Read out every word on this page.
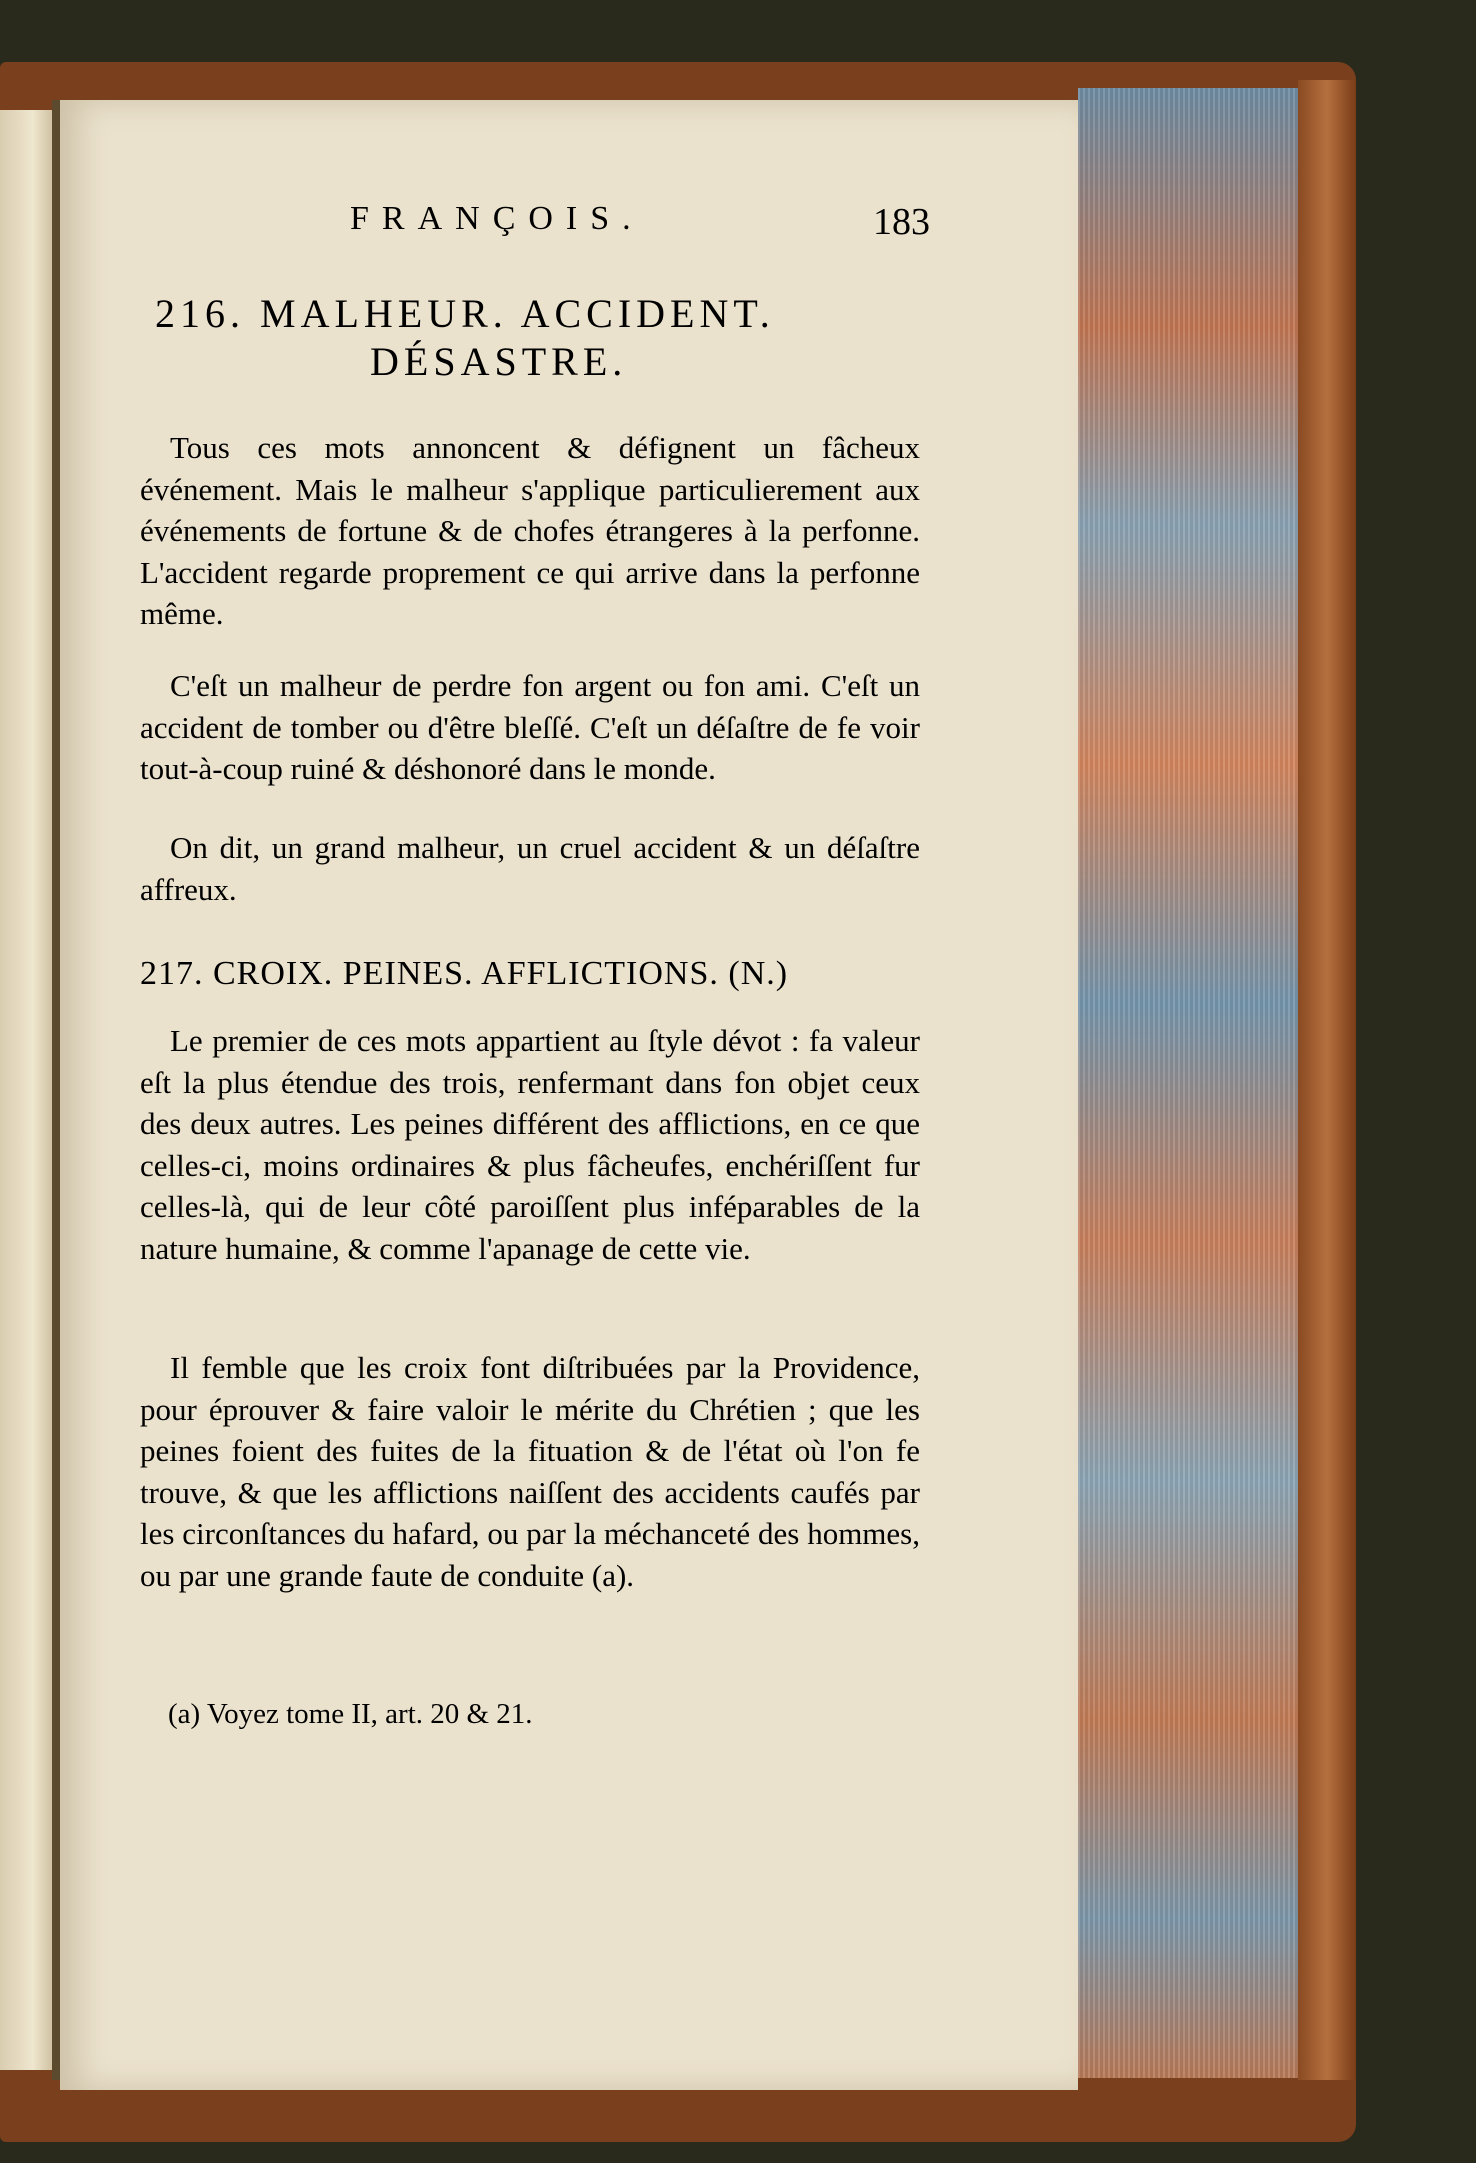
FRANÇOIS.	183
216. MALHEUR. ACCIDENT.
DÉSASTRE.

Tous ces mots annoncent & défignent un fâcheux événement. Mais le malheur s'applique particulierement aux événements de fortune & de chofes étrangeres à la perfonne. L'accident regarde proprement ce qui arrive dans la perfonne même.

C'eſt un malheur de perdre fon argent ou fon ami. C'eſt un accident de tomber ou d'être bleſſé. C'eſt un déſaſtre de fe voir tout-à-coup ruiné & déshonoré dans le monde.

On dit, un grand malheur, un cruel accident & un déſaſtre affreux.

217. CROIX. PEINES. AFFLICTIONS. (N.)

Le premier de ces mots appartient au ſtyle dévot : fa valeur eſt la plus étendue des trois, renfermant dans fon objet ceux des deux autres. Les peines différent des afflictions, en ce que celles-ci, moins ordinaires & plus fâcheufes, enchériſſent fur celles-là, qui de leur côté paroiſſent plus inféparables de la nature humaine, & comme l'apanage de cette vie.

Il femble que les croix font diſtribuées par la Providence, pour éprouver & faire valoir le mérite du Chrétien ; que les peines foient des fuites de la fituation & de l'état où l'on fe trouve, & que les afflictions naiſſent des accidents caufés par les circonſtances du hafard, ou par la méchanceté des hommes, ou par une grande faute de conduite (a).

(a) Voyez tome II, art. 20 & 21.
